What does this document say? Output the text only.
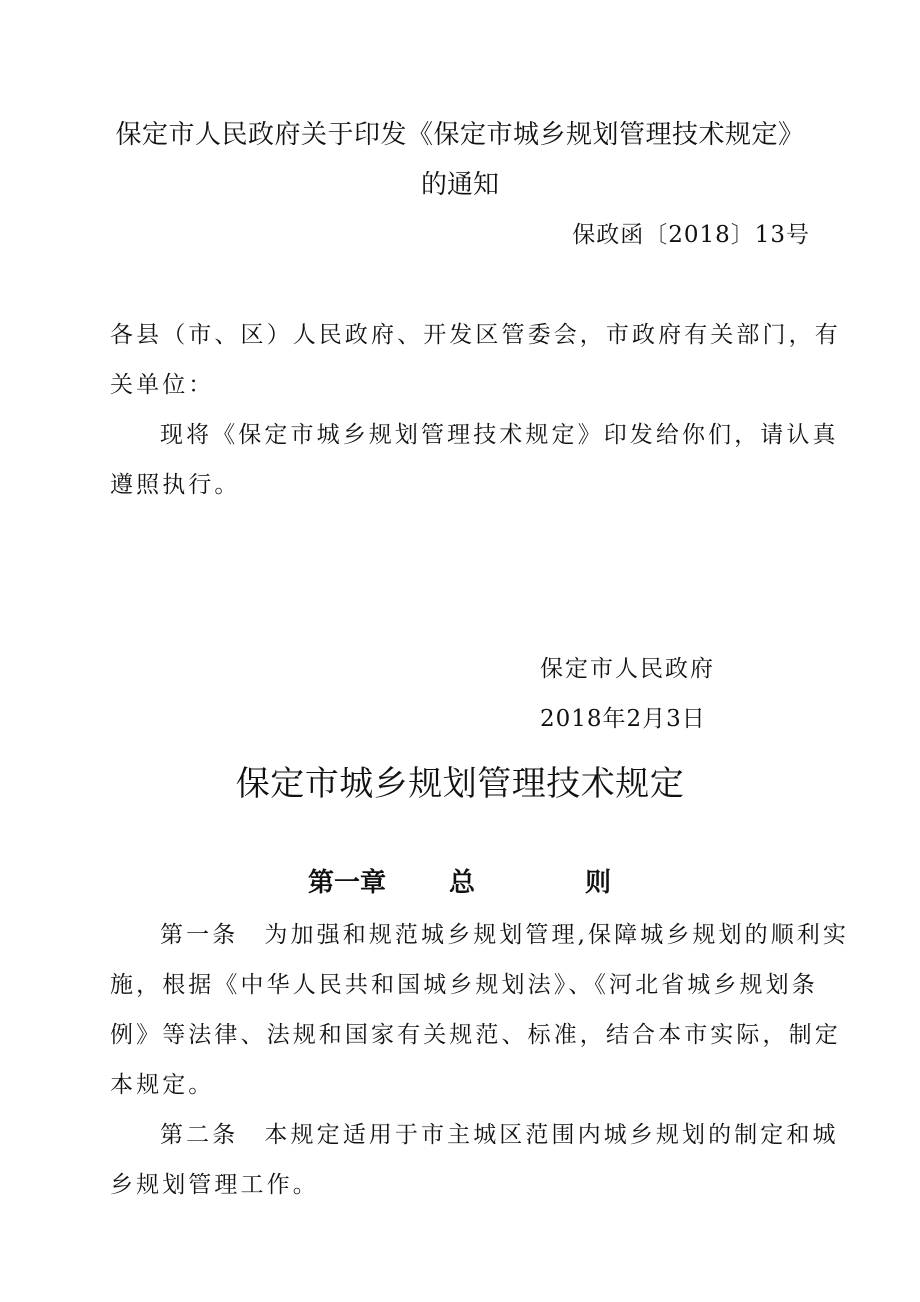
保定市人民政府关于印发《保定市城乡规划管理技术规定》
的通知
保政函〔2018〕13号
各县（市、区）人民政府、开发区管委会，市政府有关部门，有
关单位：
现将《保定市城乡规划管理技术规定》印发给你们，请认真
遵照执行。
保定市人民政府
2018年2月3日
保定市城乡规划管理技术规定
第一章 总	则
第一条　为加强和规范城乡规划管理,保障城乡规划的顺利实
施，根据《中华人民共和国城乡规划法》、《河北省城乡规划条
例》等法律、法规和国家有关规范、标准，结合本市实际，制定
本规定。
第二条　本规定适用于市主城区范围内城乡规划的制定和城
乡规划管理工作。
